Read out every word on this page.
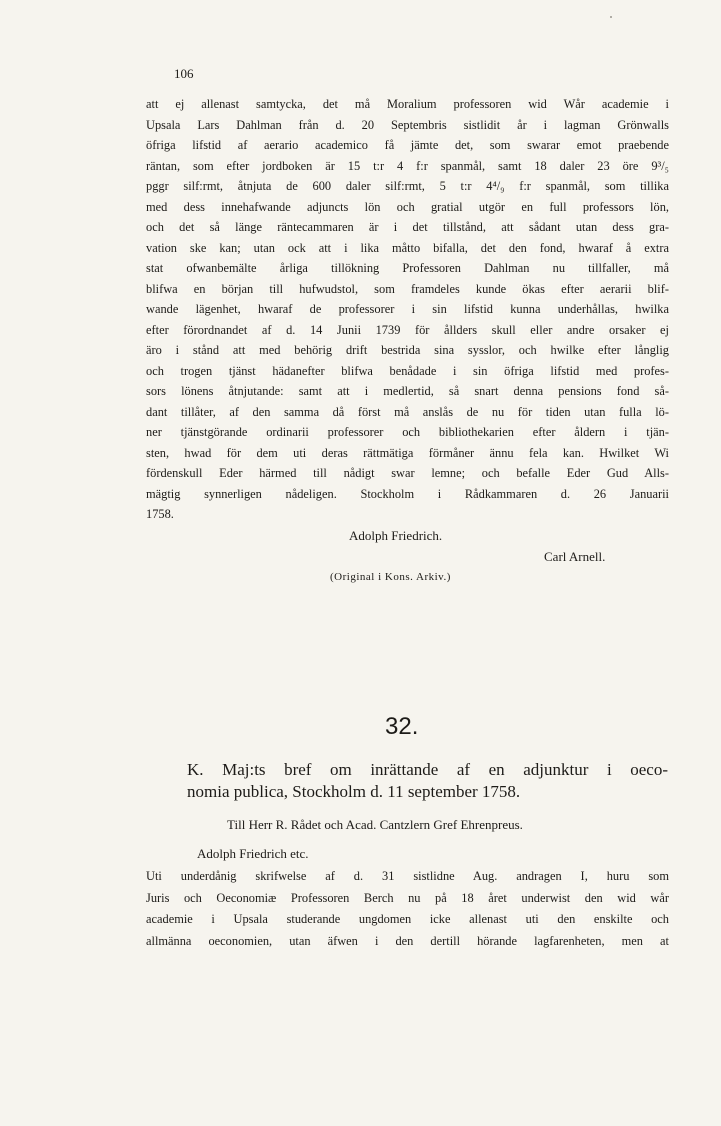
106
att ej allenast samtycka, det må Moralium professoren wid Wår academie i
Upsala Lars Dahlman från d. 20 Septembris sistlidit år i lagman Grönwalls
öfriga lifstid af aerario academico få jämte det, som swarar emot praebende
räntan, som efter jordboken är 15 t:r 4 f:r spanmål, samt 18 daler 23 öre 9³/₅
pggr silf:rmt, åtnjuta de 600 daler silf:rmt, 5 t:r 4⁴/₉ f:r spanmål, som tillika
med dess innehafwande adjuncts lön och gratial utgör en full professors lön,
och det så länge räntecammaren är i det tillstånd, att sådant utan dess gra-
vation ske kan; utan ock att i lika måtto bifalla, det den fond, hwaraf å extra
stat ofwanbemälte årliga tillökning Professoren Dahlman nu tillfaller, må
blifwa en början till hufwudstol, som framdeles kunde ökas efter aerarii blif-
wande lägenhet, hwaraf de professorer i sin lifstid kunna underhållas, hwilka
efter förordnandet af d. 14 Junii 1739 för ållders skull eller andre orsaker ej
äro i stånd att med behörig drift bestrida sina sysslor, och hwilke efter långlig
och trogen tjänst hädanefter blifwa benådade i sin öfriga lifstid med profes-
sors lönens åtnjutande: samt att i medlertid, så snart denna pensions fond så-
dant tillåter, af den samma då först må anslås de nu för tiden utan fulla lö-
ner tjänstgörande ordinarii professorer och bibliothekarien efter åldern i tjän-
sten, hwad för dem uti deras rättmätiga förmåner ännu fela kan. Hwilket Wi
fördenskull Eder härmed till nådigt swar lemne; och befalle Eder Gud Alls-
mägtig synnerligen nådeligen. Stockholm i Rådkammaren d. 26 Januarii
1758.
Adolph Friedrich.
Carl Arnell.
(Original i Kons. Arkiv.)
32.
K. Maj:ts bref om inrättande af en adjunktur i oeco-
nomia publica, Stockholm d. 11 september 1758.
Till Herr R. Rådet och Acad. Cantzlern Gref Ehrenpreus.
Adolph Friedrich etc.
Uti underdånig skrifwelse af d. 31 sistlidne Aug. andragen I, huru som
Juris och Oeconomiæ Professoren Berch nu på 18 året underwist den wid wår
academie i Upsala studerande ungdomen icke allenast uti den enskilte och
allmänna oeconomien, utan äfwen i den dertill hörande lagfarenheten, men at
